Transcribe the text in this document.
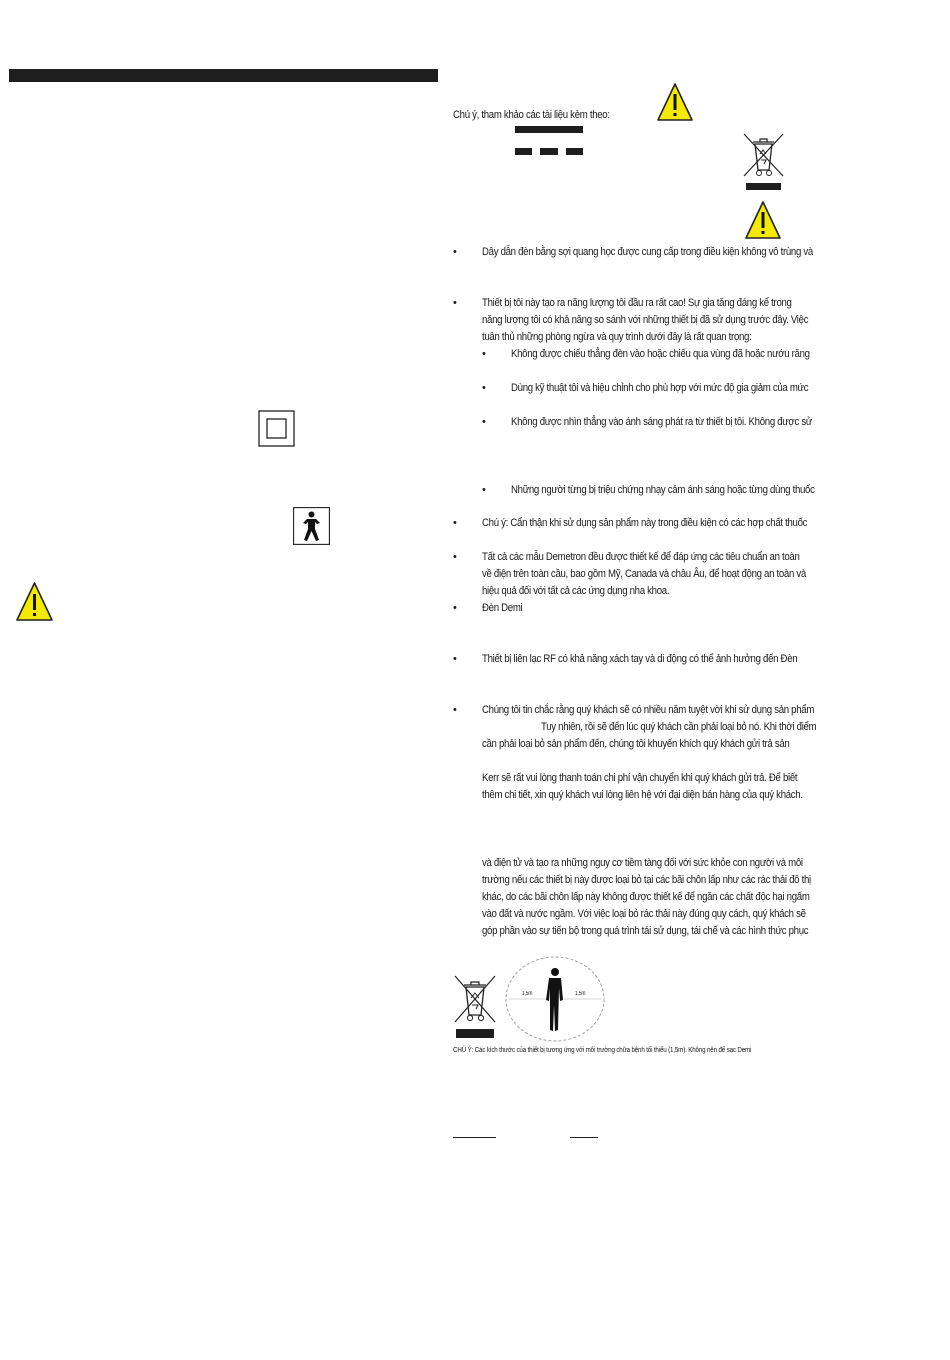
Chú ý, tham khảo các tài liệu kèm theo:
• Dây dẫn đèn bằng sợi quang học được cung cấp trong điều kiện không vô trùng và
• Thiết bị tôi này tạo ra năng lượng tôi đầu ra rất cao! Sự gia tăng đáng kể trong
năng lượng tôi có khả năng so sánh với những thiết bị đã sử dụng trước đây. Việc
tuân thủ những phòng ngừa và quy trình dưới đây là rất quan trọng:
• Không được chiếu thẳng đèn vào hoặc chiếu qua vùng đã hoặc nướu răng
• Dùng kỹ thuật tôi và hiệu chỉnh cho phù hợp với mức độ gia giảm của mức
• Không được nhìn thẳng vào ánh sáng phát ra từ thiết bị tôi. Không được sử
• Những người từng bị triệu chứng nhạy cảm ánh sáng hoặc từng dùng thuốc
• Chú ý: Cẩn thận khi sử dụng sản phẩm này trong điều kiện có các hợp chất thuốc
• Tất cả các mẫu Demetron đều được thiết kế để đáp ứng các tiêu chuẩn an toàn
về điện trên toàn cầu, bao gồm Mỹ, Canada và châu Âu, để hoạt động an toàn và
hiệu quả đối với tất cả các ứng dụng nha khoa.
• Đèn Demi
• Thiết bị liên lạc RF có khả năng xách tay và di động có thể ảnh hưởng đến Đèn
• Chúng tôi tin chắc rằng quý khách sẽ có nhiều năm tuyệt vời khi sử dụng sản phẩm
Tuy nhiên, rồi sẽ đến lúc quý khách cần phải loại bỏ nó. Khi thời điểm
cần phải loại bỏ sản phẩm đến, chúng tôi khuyến khích quý khách gửi trả sản
Kerr sẽ rất vui lòng thanh toán chi phí vận chuyển khi quý khách gửi trả. Để biết
thêm chi tiết, xin quý khách vui lòng liên hệ với đại diện bán hàng của quý khách.
và điện tử và tạo ra những nguy cơ tiềm tàng đối với sức khỏe con người và môi
trường nếu các thiết bị này được loại bỏ tại các bãi chôn lấp như các rác thải đô thị
khác, do các bãi chôn lấp này không được thiết kế để ngăn các chất độc hại ngấm
vào đất và nước ngầm. Với việc loại bỏ rác thải này đúng quy cách, quý khách sẽ
góp phần vào sự tiến bộ trong quá trình tái sử dụng, tái chế và các hình thức phục
1,5m	1,5m
CHÚ Ý: Các kích thước của thiết bị tương ứng với môi trường chữa bệnh tối thiểu (1,5m). Không nên để sạc Demi
